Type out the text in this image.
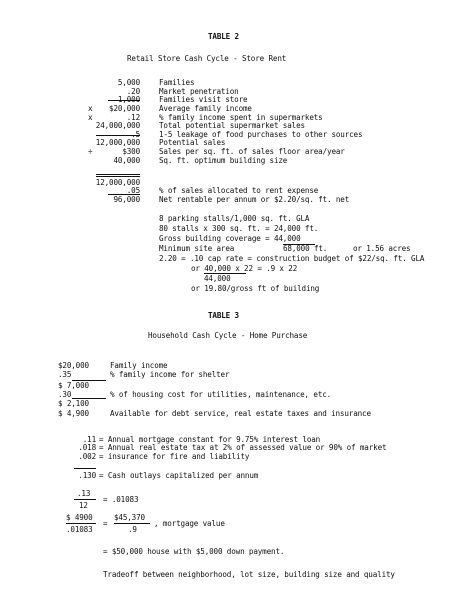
TABLE 2
Retail Store Cash Cycle - Store Rent
5,000	Families
.20	Market penetration
1,000	Families visit store
x	$20,000	Average family income
x	.12	% family income spent in supermarkets
24,000,000	Total potential supermarket sales
.5	1-5 leakage of food purchases to other sources
12,000,000	Potential sales
÷	$300	Sales per sq. ft. of sales floor area/year
40,000	Sq. ft. optimum building size
12,000,000
.05	% of sales allocated to rent expense
96,000	Net rentable per annum or $2.20/sq. ft. net
8 parking stalls/1,000 sq. ft. GLA
80 stalls x 300 sq. ft. = 24,000 ft.
Gross building coverage = 44,000
Minimum site area	68,000 ft.	or 1.56 acres
2.20 = .10 cap rate = construction budget of $22/sq. ft. GLA
or 40,000 x 22 = .9 x 22
44,000
or 19.80/gross ft of building
TABLE 3
Household Cash Cycle - Home Purchase
$20,000	Family income
.35	% family income for shelter
$ 7,000
.30	% of housing cost for utilities, maintenance, etc.
$ 2,100
$ 4,900	Available for debt service, real estate taxes and insurance
.11 = Annual mortgage constant for 9.75% interest loan
.018 = Annual real estate tax at 2% of assessed value or 90% of market
.002 = insurance for fire and liability
.130 = Cash outlays capitalized per annum
.13
12
= .01083
$ 4900
.01083
=
$45,370
.9
, mortgage value
= $50,000 house with $5,000 down payment.
Tradeoff between neighborhood, lot size, building size and quality
